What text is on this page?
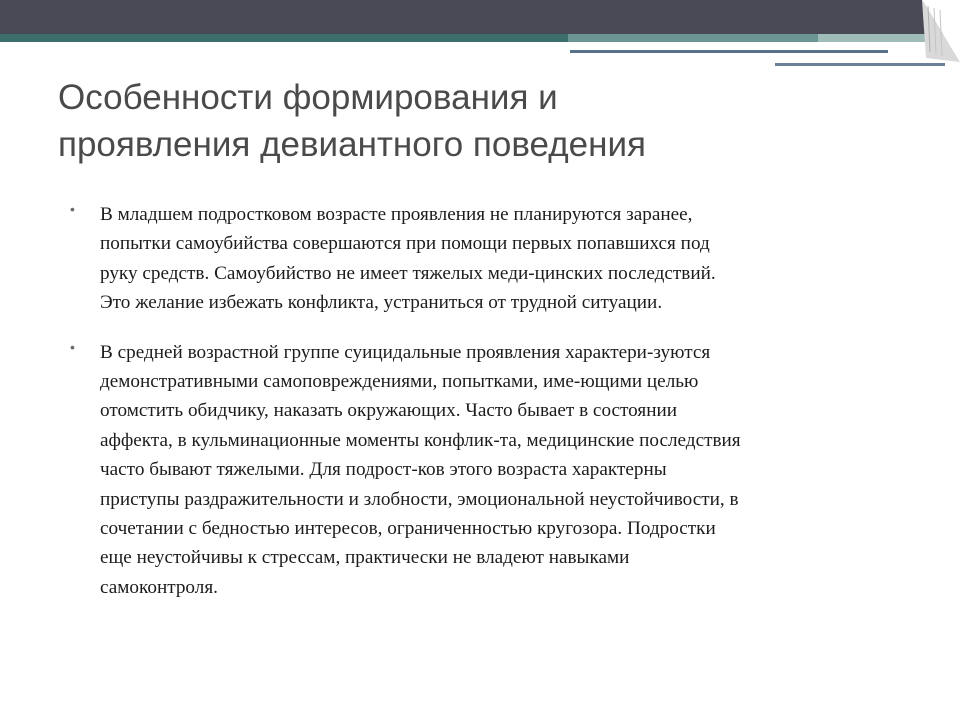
Особенности формирования и
проявления девиантного поведения
• В младшем подростковом возрасте проявления не планируются заранее,
попытки самоубийства совершаются при помощи первых попавшихся под
руку средств. Самоубийство не имеет тяжелых меди-цинских последствий.
Это желание избежать конфликта, устраниться от трудной ситуации.
• В средней возрастной группе суицидальные проявления характери-зуются
демонстративными самоповреждениями, попытками, име-ющими целью
отомстить обидчику, наказать окружающих. Часто бывает в состоянии
аффекта, в кульминационные моменты конфлик-та, медицинские последствия
часто бывают тяжелыми. Для подрост-ков этого возраста характерны
приступы раздражительности и злобности, эмоциональной неустойчивости, в
сочетании с бедностью интересов, ограниченностью кругозора. Подростки
еще неустойчивы к стрессам, практически не владеют навыками
самоконтроля.
